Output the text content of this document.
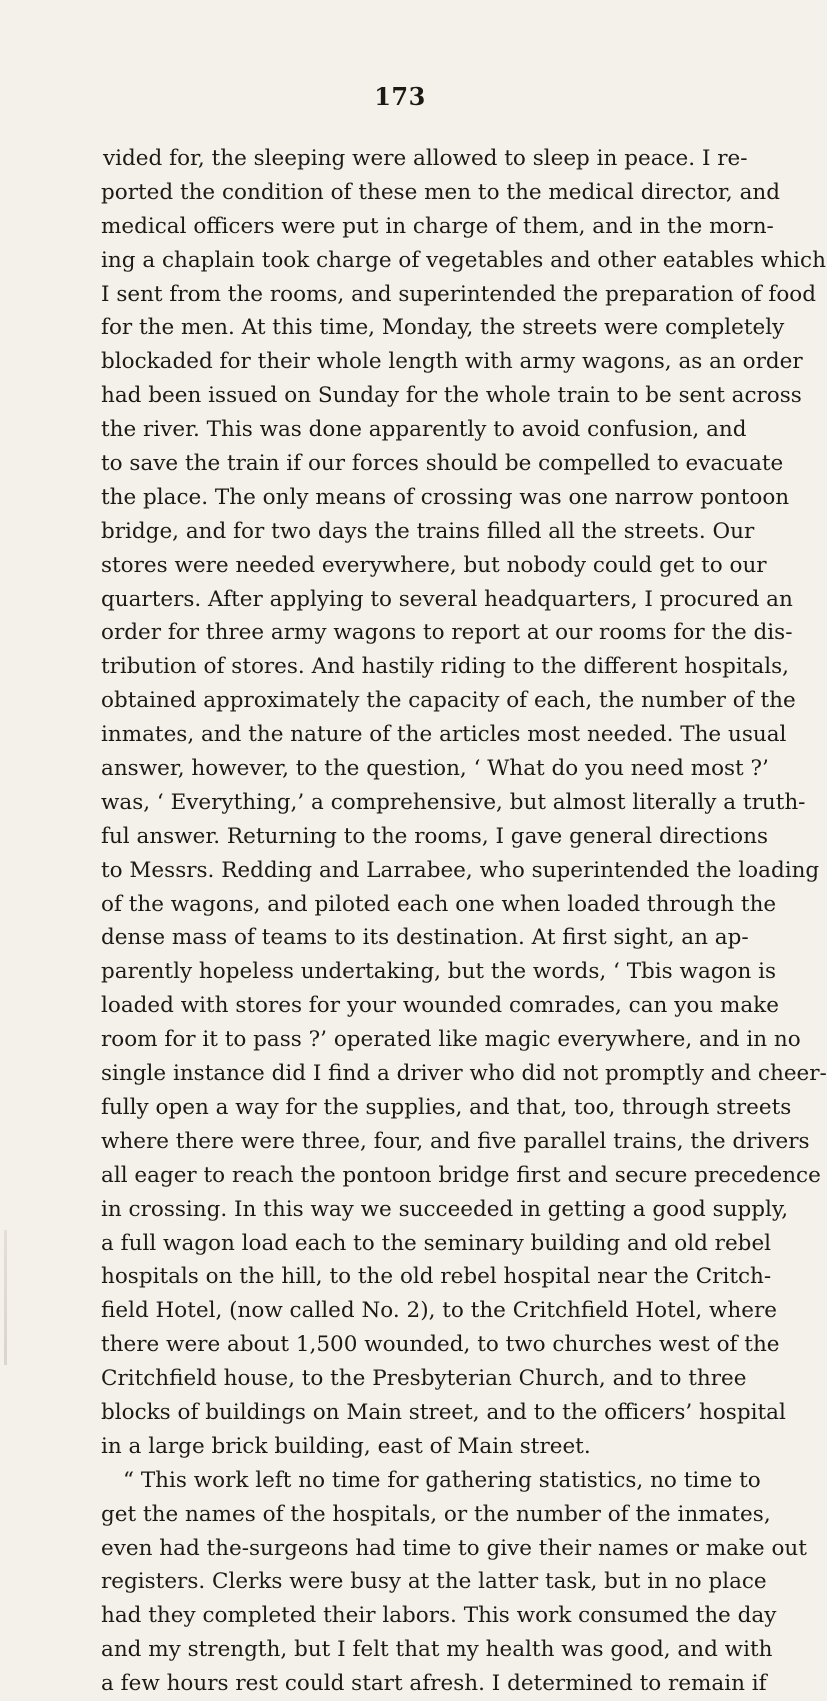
173
vided for, the sleeping were allowed to sleep in peace. I re-
ported the condition of these men to the medical director, and
medical officers were put in charge of them, and in the morn-
ing a chaplain took charge of vegetables and other eatables which
I sent from the rooms, and superintended the preparation of food
for the men. At this time, Monday, the streets were completely
blockaded for their whole length with army wagons, as an order
had been issued on Sunday for the whole train to be sent across
the river. This was done apparently to avoid confusion, and
to save the train if our forces should be compelled to evacuate
the place. The only means of crossing was one narrow pontoon
bridge, and for two days the trains filled all the streets. Our
stores were needed everywhere, but nobody could get to our
quarters. After applying to several headquarters, I procured an
order for three army wagons to report at our rooms for the dis-
tribution of stores. And hastily riding to the different hospitals,
obtained approximately the capacity of each, the number of the
inmates, and the nature of the articles most needed. The usual
answer, however, to the question, ‘ What do you need most ?’
was, ‘ Everything,’ a comprehensive, but almost literally a truth-
ful answer. Returning to the rooms, I gave general directions
to Messrs. Redding and Larrabee, who superintended the loading
of the wagons, and piloted each one when loaded through the
dense mass of teams to its destination. At first sight, an ap-
parently hopeless undertaking, but the words, ‘ Tbis wagon is
loaded with stores for your wounded comrades, can you make
room for it to pass ?’ operated like magic everywhere, and in no
single instance did I find a driver who did not promptly and cheer-
fully open a way for the supplies, and that, too, through streets
where there were three, four, and five parallel trains, the drivers
all eager to reach the pontoon bridge first and secure precedence
in crossing. In this way we succeeded in getting a good supply,
a full wagon load each to the seminary building and old rebel
hospitals on the hill, to the old rebel hospital near the Critch-
field Hotel, (now called No. 2), to the Critchfield Hotel, where
there were about 1,500 wounded, to two churches west of the
Critchfield house, to the Presbyterian Church, and to three
blocks of buildings on Main street, and to the officers’ hospital
in a large brick building, east of Main street.
“ This work left no time for gathering statistics, no time to
get the names of the hospitals, or the number of the inmates,
even had the-surgeons had time to give their names or make out
registers. Clerks were busy at the latter task, but in no place
had they completed their labors. This work consumed the day
and my strength, but I felt that my health was good, and with
a few hours rest could start afresh. I determined to remain if
